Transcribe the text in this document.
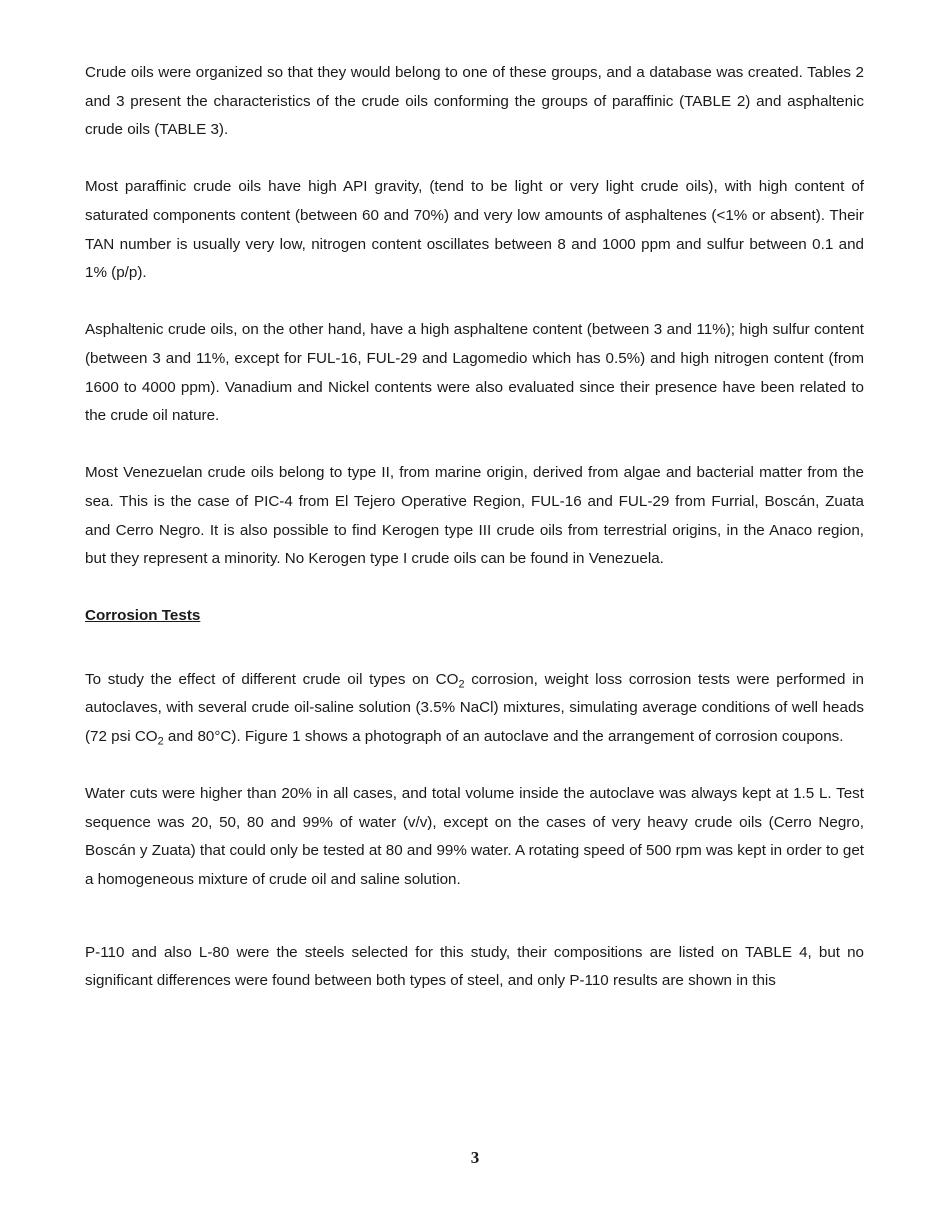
Crude oils were organized so that they would belong to one of these groups, and a database was created. Tables 2 and 3 present the characteristics of the crude oils conforming the groups of paraffinic (TABLE 2) and asphaltenic crude oils (TABLE 3).

Most paraffinic crude oils have high API gravity, (tend to be light or very light crude oils), with high content of saturated components content (between 60 and 70%) and very low amounts of asphaltenes (<1% or absent). Their TAN number is usually very low, nitrogen content oscillates between 8 and 1000 ppm and sulfur between 0.1 and 1% (p/p).

Asphaltenic crude oils, on the other hand, have a high asphaltene content (between 3 and 11%); high sulfur content (between 3 and 11%, except for FUL-16, FUL-29 and Lagomedio which has 0.5%) and high nitrogen content (from 1600 to 4000 ppm). Vanadium and Nickel contents were also evaluated since their presence have been related to the crude oil nature.

Most Venezuelan crude oils belong to type II, from marine origin, derived from algae and bacterial matter from the sea. This is the case of PIC-4 from El Tejero Operative Region, FUL-16 and FUL-29 from Furrial, Boscán, Zuata and Cerro Negro. It is also possible to find Kerogen type III crude oils from terrestrial origins, in the Anaco region, but they represent a minority. No Kerogen type I crude oils can be found in Venezuela.

Corrosion Tests

To study the effect of different crude oil types on $CO_2$ corrosion, weight loss corrosion tests were performed in autoclaves, with several crude oil-saline solution (3.5% NaCl) mixtures, simulating average conditions of well heads (72 psi $CO_2$ and 80°C). Figure 1 shows a photograph of an autoclave and the arrangement of corrosion coupons.

Water cuts were higher than 20% in all cases, and total volume inside the autoclave was always kept at 1.5 L. Test sequence was 20, 50, 80 and 99% of water (v/v), except on the cases of very heavy crude oils (Cerro Negro, Boscán y Zuata) that could only be tested at 80 and 99% water. A rotating speed of 500 rpm was kept in order to get a homogeneous mixture of crude oil and saline solution.

P-110 and also L-80 were the steels selected for this study, their compositions are listed on TABLE 4, but no significant differences were found between both types of steel, and only P-110 results are shown in this

3
